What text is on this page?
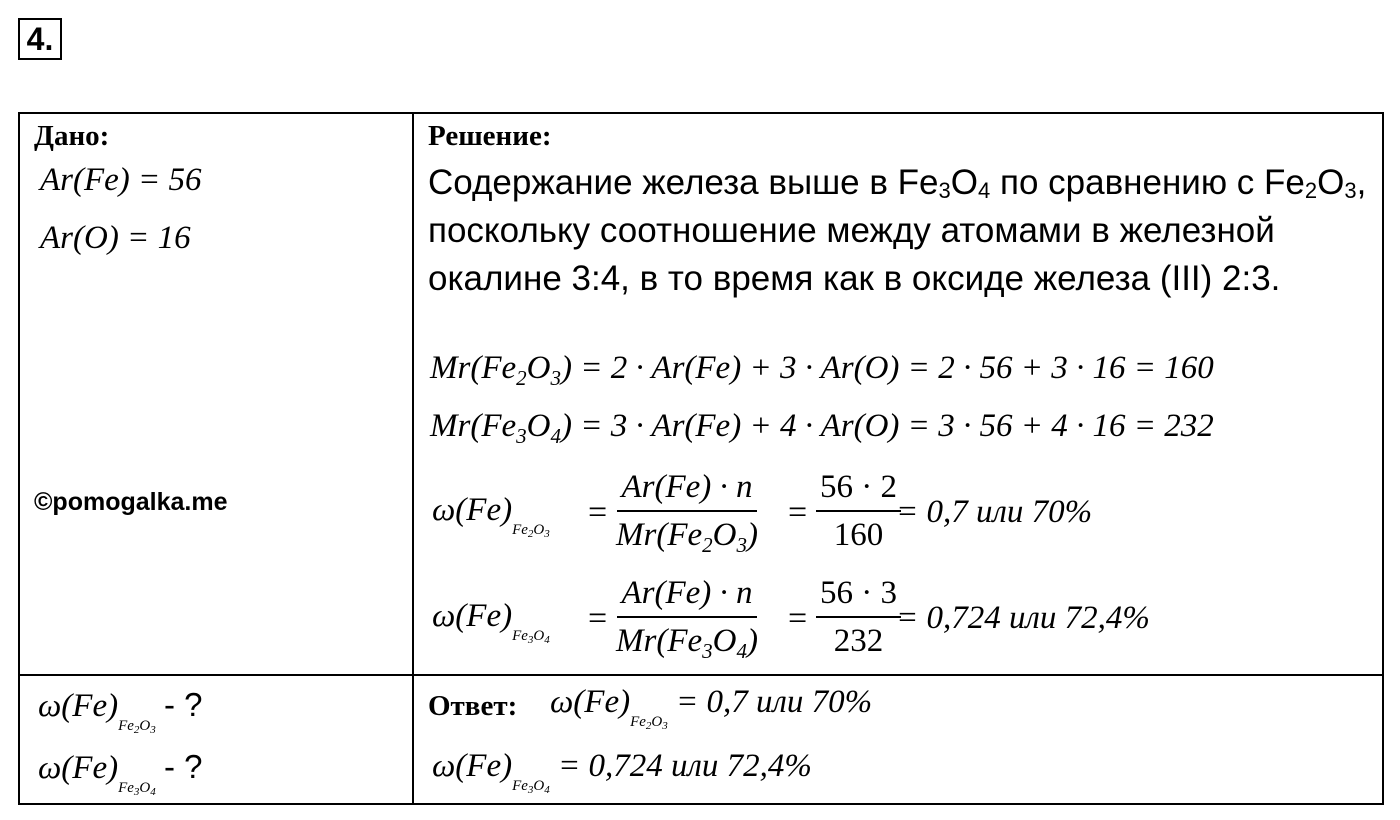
4.
Дано:
Ar(Fe) = 56
Ar(O) = 16
©pomogalka.me
$\omega(Fe)_{Fe_2O_3}$ - ?
$\omega(Fe)_{Fe_3O_4}$ - ?
Решение:
Содержание железа выше в $Fe_3O_4$ по сравнению с $Fe_2O_3$, поскольку соотношение между атомами в железной окалине 3:4, в то время как в оксиде железа (III) 2:3.
$Mr(Fe_2O_3) = 2 \cdot Ar(Fe) + 3 \cdot Ar(O) = 2 \cdot 56 + 3 \cdot 16 = 160$
$Mr(Fe_3O_4) = 3 \cdot Ar(Fe) + 4 \cdot Ar(O) = 3 \cdot 56 + 4 \cdot 16 = 232$
$\omega(Fe)_{Fe_2O_3}$
= $\frac{Ar(Fe) \cdot n}{Mr(Fe_2O_3)} = \frac{56 \cdot 2}{160}$
= 0,7 или 70%
$\omega(Fe)_{Fe_3O_4}$
= $\frac{Ar(Fe) \cdot n}{Mr(Fe_3O_4)} = \frac{56 \cdot 3}{232}$
= 0,724 или 72,4%
Ответ: $\omega(Fe)_{Fe_2O_3} = 0,7$ или 70%
$\omega(Fe)_{Fe_3O_4} = 0,724$ или 72,4%
